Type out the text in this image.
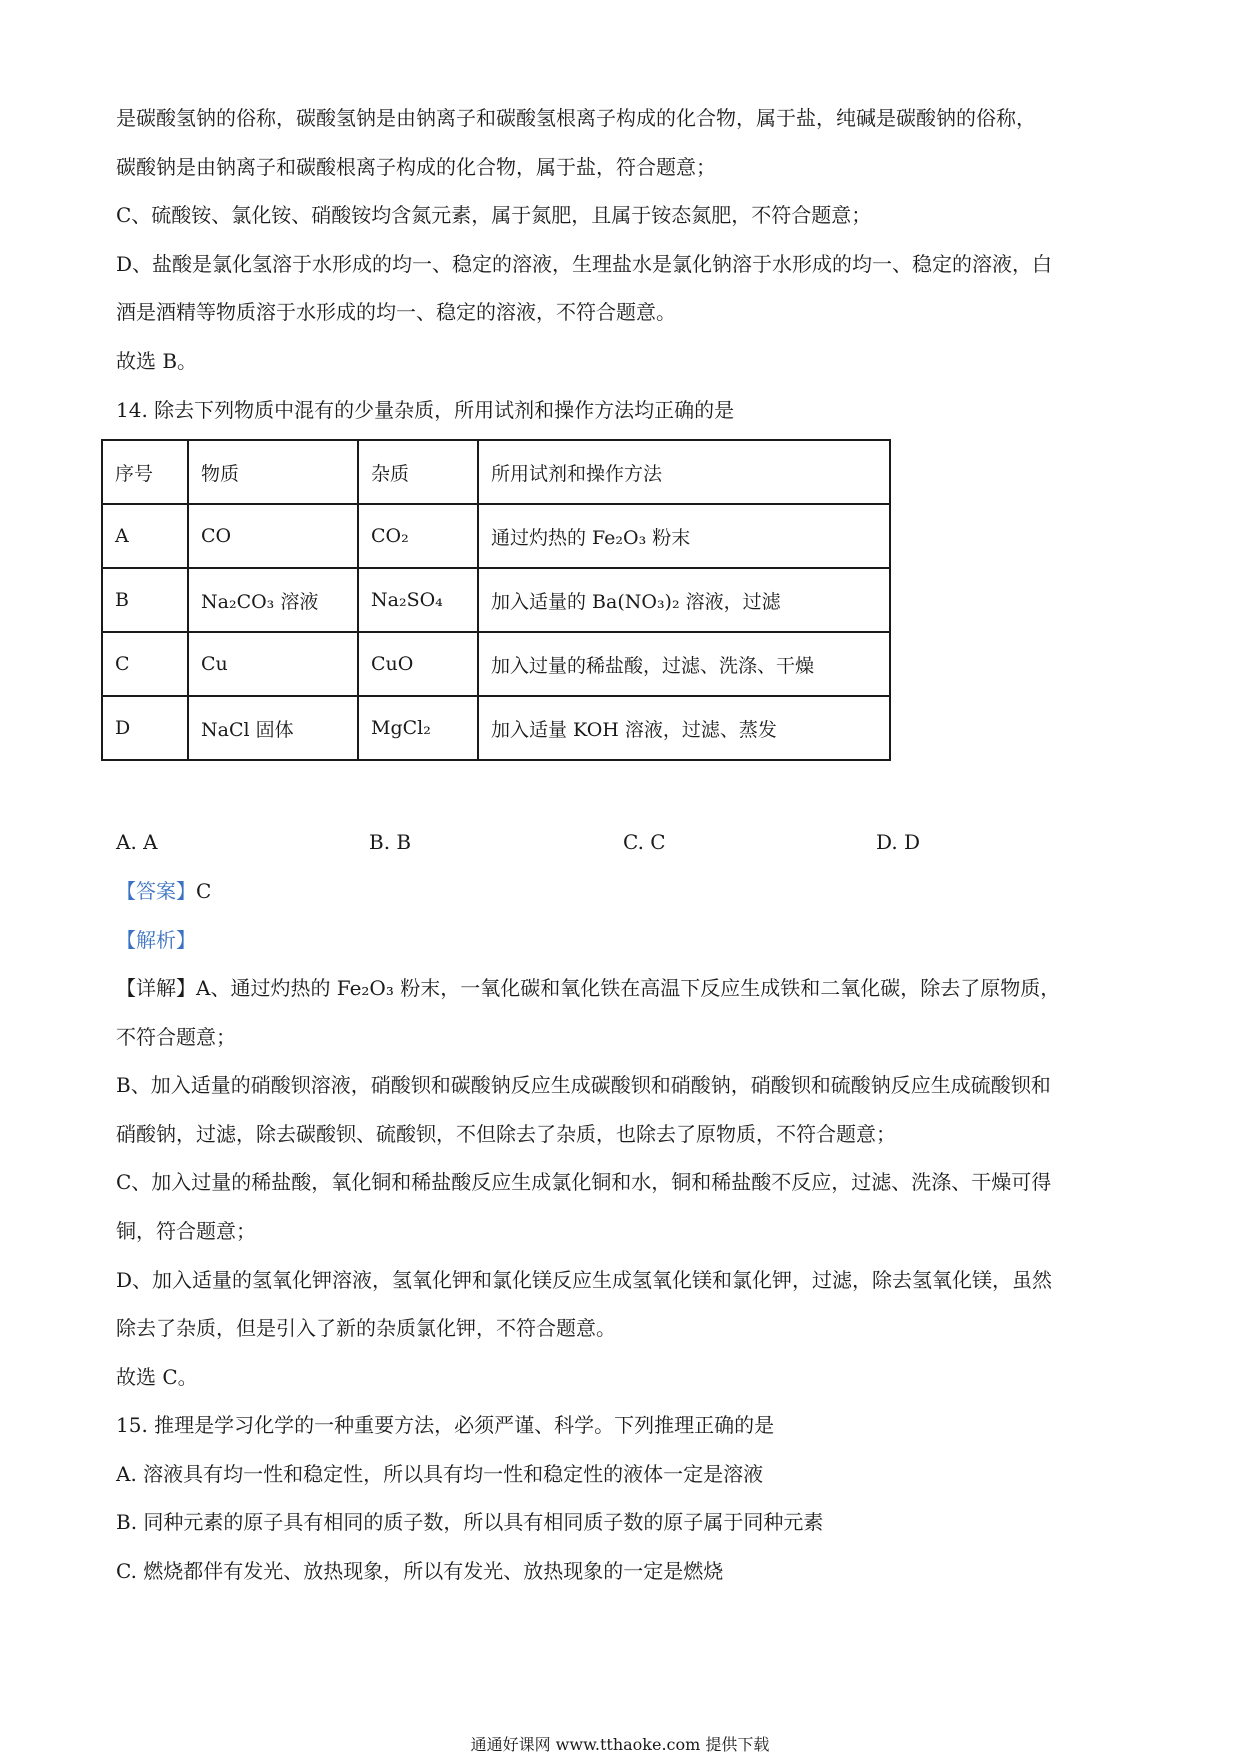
是碳酸氢钠的俗称，碳酸氢钠是由钠离子和碳酸氢根离子构成的化合物，属于盐，纯碱是碳酸钠的俗称，
碳酸钠是由钠离子和碳酸根离子构成的化合物，属于盐，符合题意；
C、硫酸铵、氯化铵、硝酸铵均含氮元素，属于氮肥，且属于铵态氮肥，不符合题意；
D、盐酸是氯化氢溶于水形成的均一、稳定的溶液，生理盐水是氯化钠溶于水形成的均一、稳定的溶液，白
酒是酒精等物质溶于水形成的均一、稳定的溶液，不符合题意。
故选 B。
14. 除去下列物质中混有的少量杂质，所用试剂和操作方法均正确的是
序号	物质	杂质	所用试剂和操作方法
A	CO	CO₂	通过灼热的 Fe₂O₃ 粉末
B	Na₂CO₃ 溶液	Na₂SO₄	加入适量的 Ba(NO₃)₂ 溶液，过滤
C	Cu	CuO	加入过量的稀盐酸，过滤、洗涤、干燥
D	NaCl 固体	MgCl₂	加入适量 KOH 溶液，过滤、蒸发
A. A	B. B	C. C	D. D
【答案】C
【解析】
【详解】A、通过灼热的 Fe₂O₃ 粉末，一氧化碳和氧化铁在高温下反应生成铁和二氧化碳，除去了原物质，
不符合题意；
B、加入适量的硝酸钡溶液，硝酸钡和碳酸钠反应生成碳酸钡和硝酸钠，硝酸钡和硫酸钠反应生成硫酸钡和
硝酸钠，过滤，除去碳酸钡、硫酸钡，不但除去了杂质，也除去了原物质，不符合题意；
C、加入过量的稀盐酸，氧化铜和稀盐酸反应生成氯化铜和水，铜和稀盐酸不反应，过滤、洗涤、干燥可得
铜，符合题意；
D、加入适量的氢氧化钾溶液，氢氧化钾和氯化镁反应生成氢氧化镁和氯化钾，过滤，除去氢氧化镁，虽然
除去了杂质，但是引入了新的杂质氯化钾，不符合题意。
故选 C。
15. 推理是学习化学的一种重要方法，必须严谨、科学。下列推理正确的是
A. 溶液具有均一性和稳定性，所以具有均一性和稳定性的液体一定是溶液
B. 同种元素的原子具有相同的质子数，所以具有相同质子数的原子属于同种元素
C. 燃烧都伴有发光、放热现象，所以有发光、放热现象的一定是燃烧
通通好课网 www.tthaoke.com 提供下载
